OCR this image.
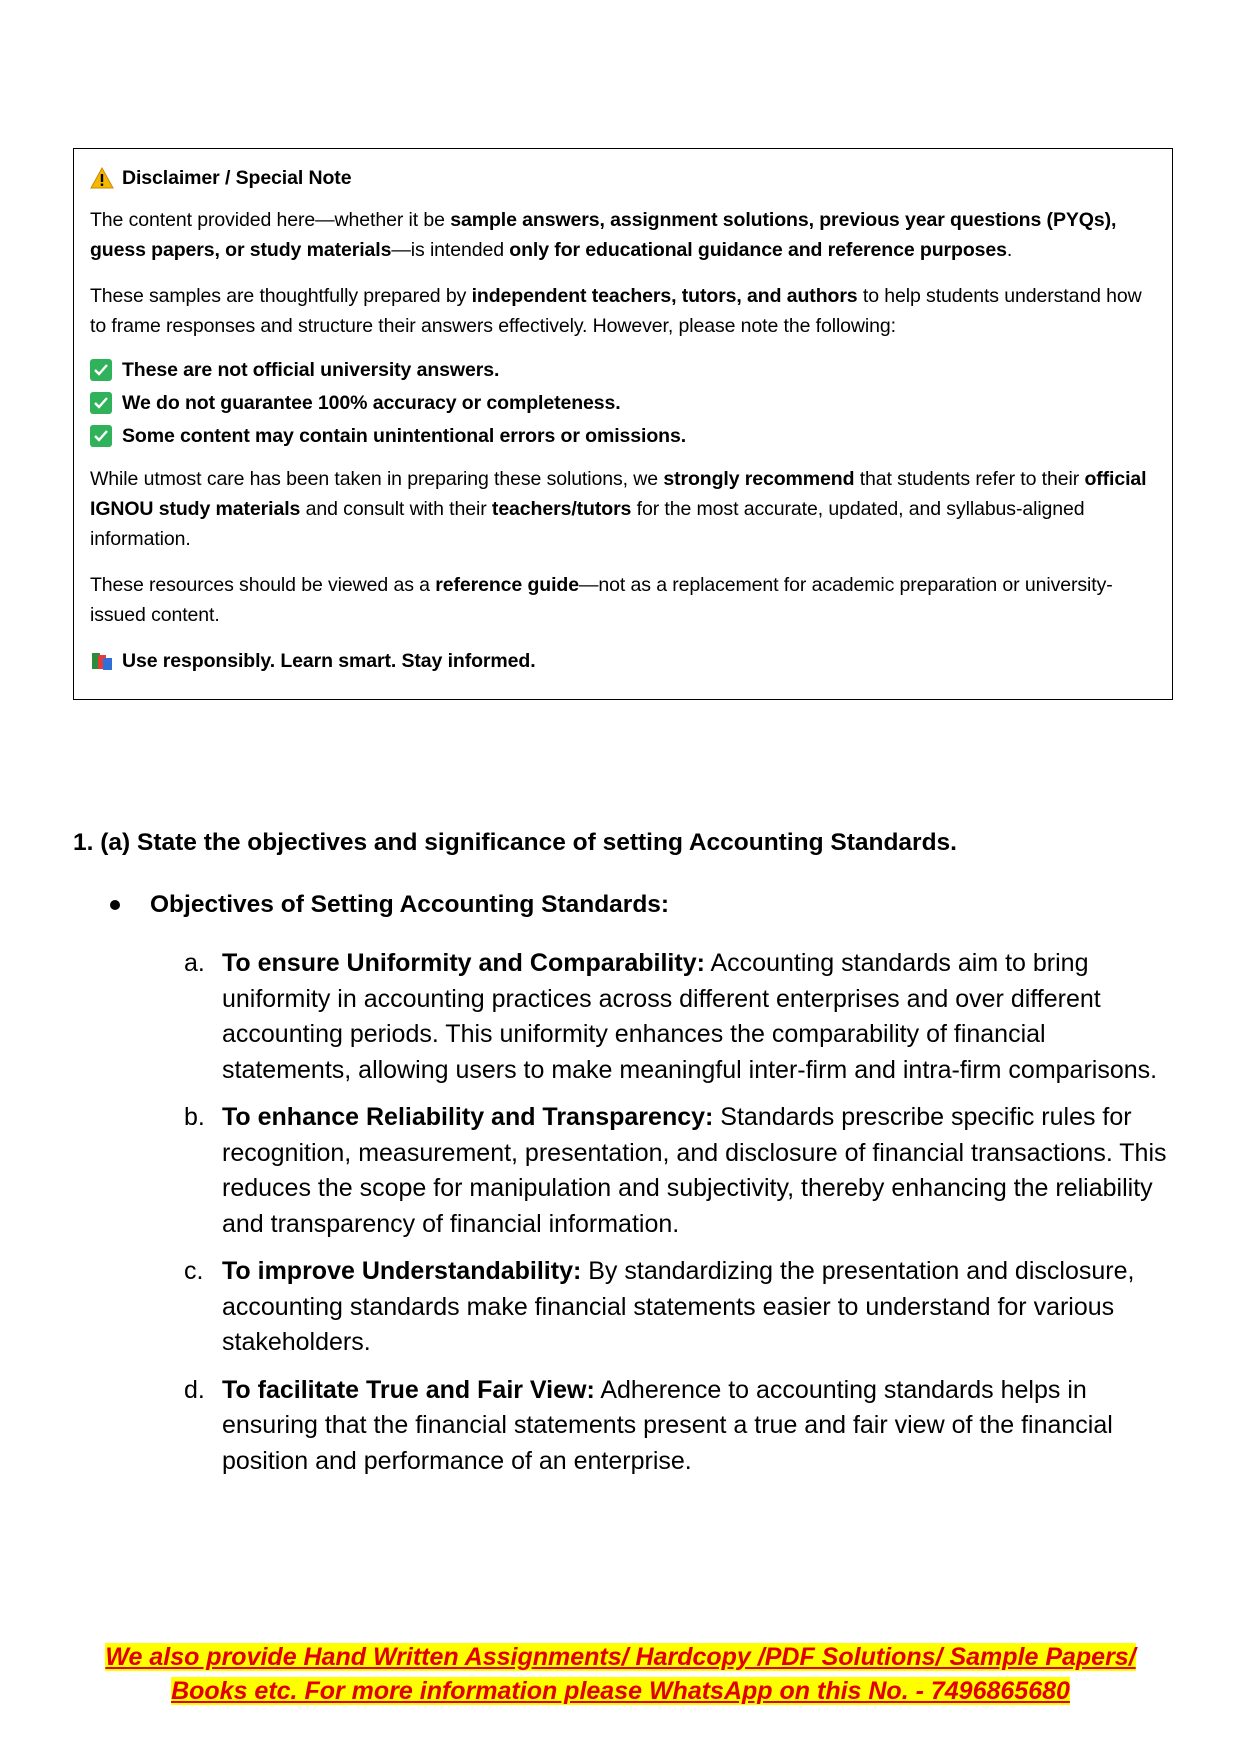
Disclaimer / Special Note

The content provided here—whether it be sample answers, assignment solutions, previous year questions (PYQs), guess papers, or study materials—is intended only for educational guidance and reference purposes.

These samples are thoughtfully prepared by independent teachers, tutors, and authors to help students understand how to frame responses and structure their answers effectively. However, please note the following:

These are not official university answers.
We do not guarantee 100% accuracy or completeness.
Some content may contain unintentional errors or omissions.

While utmost care has been taken in preparing these solutions, we strongly recommend that students refer to their official IGNOU study materials and consult with their teachers/tutors for the most accurate, updated, and syllabus-aligned information.

These resources should be viewed as a reference guide—not as a replacement for academic preparation or university-issued content.

Use responsibly. Learn smart. Stay informed.

1. (a) State the objectives and significance of setting Accounting Standards.
Objectives of Setting Accounting Standards:
a. To ensure Uniformity and Comparability: Accounting standards aim to bring uniformity in accounting practices across different enterprises and over different accounting periods. This uniformity enhances the comparability of financial statements, allowing users to make meaningful inter-firm and intra-firm comparisons.
b. To enhance Reliability and Transparency: Standards prescribe specific rules for recognition, measurement, presentation, and disclosure of financial transactions. This reduces the scope for manipulation and subjectivity, thereby enhancing the reliability and transparency of financial information.
c. To improve Understandability: By standardizing the presentation and disclosure, accounting standards make financial statements easier to understand for various stakeholders.
d. To facilitate True and Fair View: Adherence to accounting standards helps in ensuring that the financial statements present a true and fair view of the financial position and performance of an enterprise.
We also provide Hand Written Assignments/ Hardcopy /PDF Solutions/ Sample Papers/
Books etc. For more information please WhatsApp on this No. - 7496865680
